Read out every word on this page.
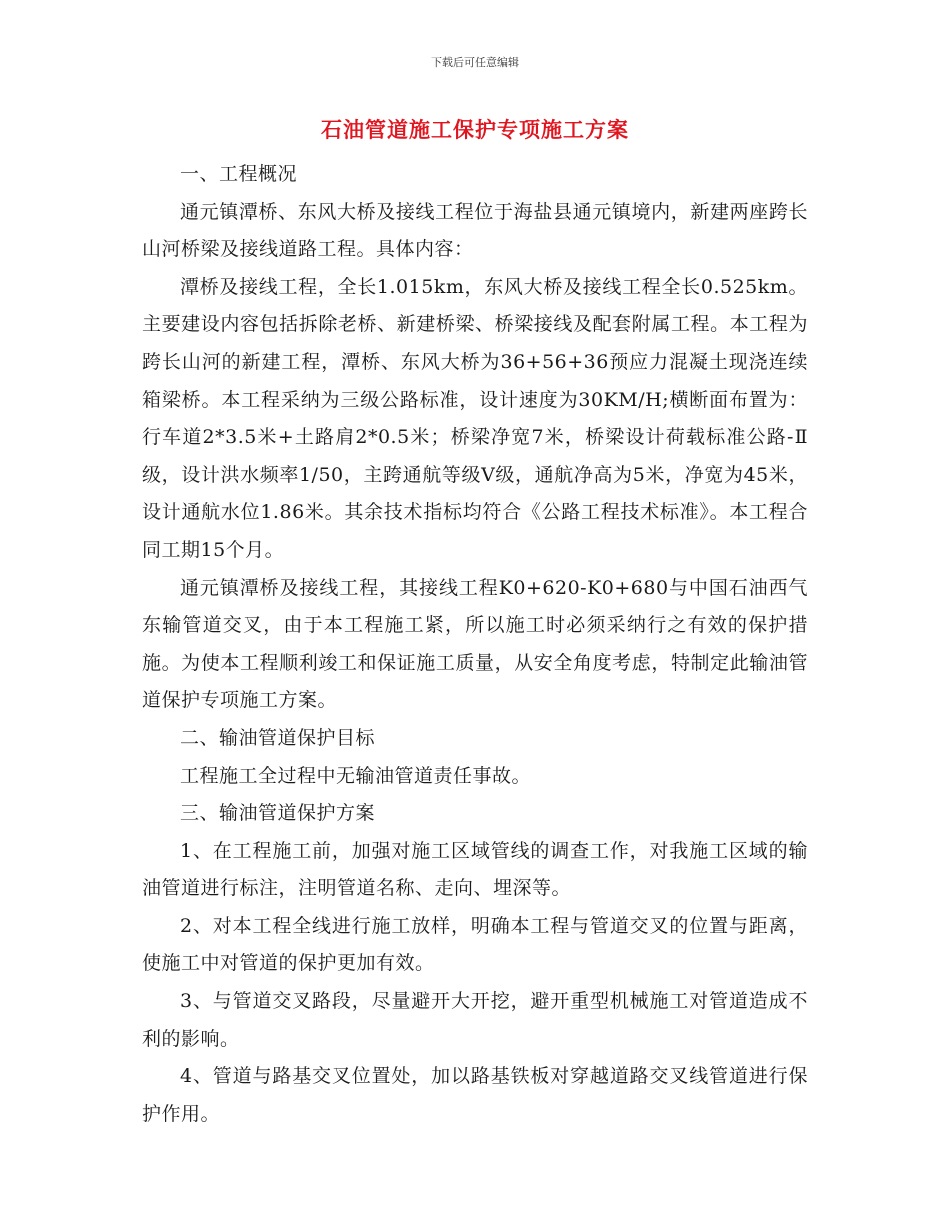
下载后可任意编辑
石油管道施工保护专项施工方案

一、工程概况

通元镇潭桥、东风大桥及接线工程位于海盐县通元镇境内，新建两座跨长山河桥梁及接线道路工程。具体内容：

潭桥及接线工程，全长1.015km，东风大桥及接线工程全长0.525km。主要建设内容包括拆除老桥、新建桥梁、桥梁接线及配套附属工程。本工程为跨长山河的新建工程，潭桥、东风大桥为36+56+36预应力混凝土现浇连续箱梁桥。本工程采纳为三级公路标准，设计速度为30KM/H;横断面布置为：行车道2*3.5米+土路肩2*0.5米；桥梁净宽7米，桥梁设计荷载标准公路-Ⅱ级，设计洪水频率1/50，主跨通航等级Ⅴ级，通航净高为5米，净宽为45米，设计通航水位1.86米。其余技术指标均符合《公路工程技术标准》。本工程合同工期15个月。

通元镇潭桥及接线工程，其接线工程K0+620-K0+680与中国石油西气东输管道交叉，由于本工程施工紧，所以施工时必须采纳行之有效的保护措施。为使本工程顺利竣工和保证施工质量，从安全角度考虑，特制定此输油管道保护专项施工方案。

二、输油管道保护目标

工程施工全过程中无输油管道责任事故。

三、输油管道保护方案

1、在工程施工前，加强对施工区域管线的调查工作，对我施工区域的输油管道进行标注，注明管道名称、走向、埋深等。

2、对本工程全线进行施工放样，明确本工程与管道交叉的位置与距离，使施工中对管道的保护更加有效。

3、与管道交叉路段，尽量避开大开挖，避开重型机械施工对管道造成不利的影响。

4、管道与路基交叉位置处，加以路基铁板对穿越道路交叉线管道进行保护作用。
